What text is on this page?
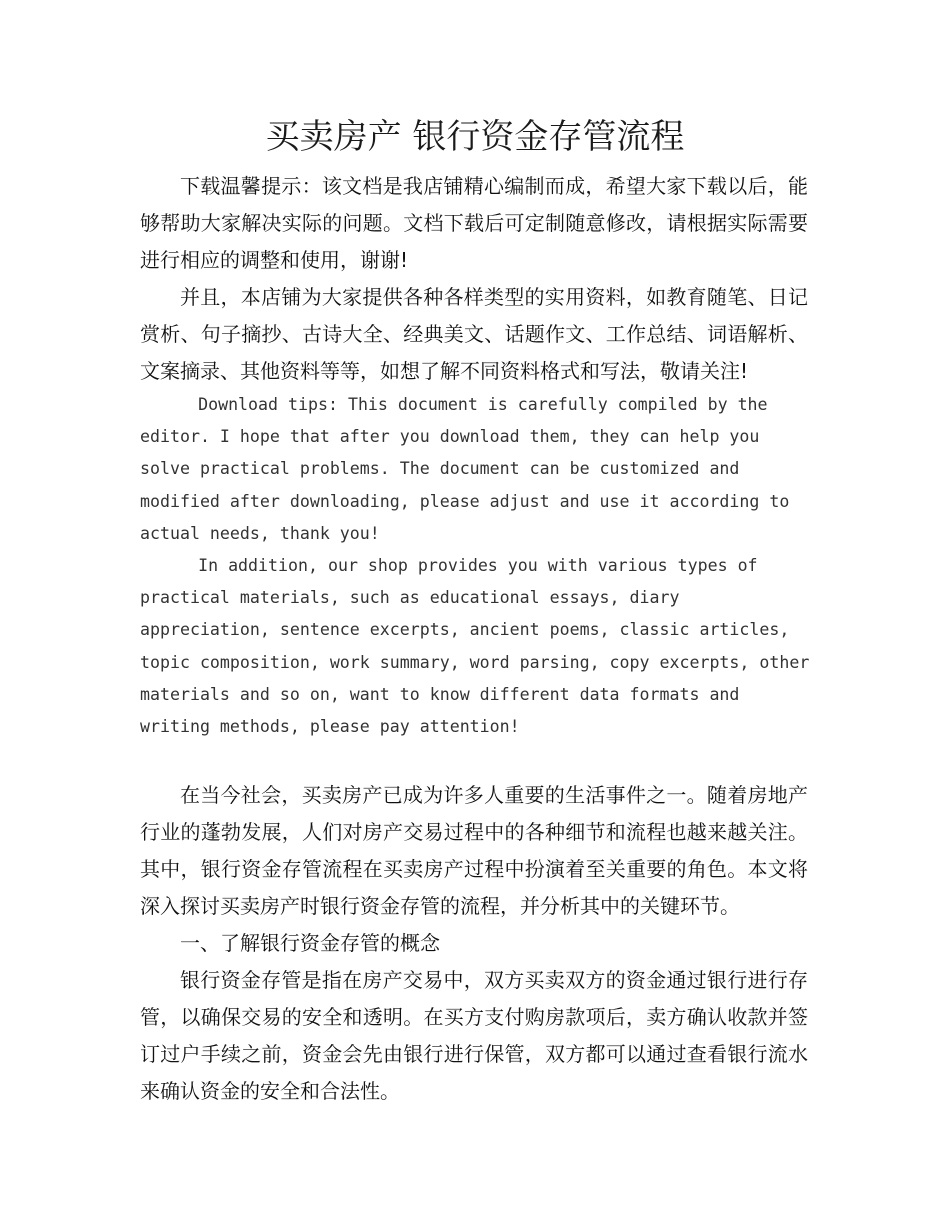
买卖房产 银行资金存管流程

下载温馨提示：该文档是我店铺精心编制而成，希望大家下载以后，能够帮助大家解决实际的问题。文档下载后可定制随意修改，请根据实际需要进行相应的调整和使用，谢谢!

并且，本店铺为大家提供各种各样类型的实用资料，如教育随笔、日记赏析、句子摘抄、古诗大全、经典美文、话题作文、工作总结、词语解析、文案摘录、其他资料等等，如想了解不同资料格式和写法，敬请关注!

Download tips: This document is carefully compiled by the editor. I hope that after you download them, they can help you solve practical problems. The document can be customized and modified after downloading, please adjust and use it according to actual needs, thank you!

In addition, our shop provides you with various types of practical materials, such as educational essays, diary appreciation, sentence excerpts, ancient poems, classic articles, topic composition, work summary, word parsing, copy excerpts, other materials and so on, want to know different data formats and writing methods, please pay attention!

在当今社会，买卖房产已成为许多人重要的生活事件之一。随着房地产行业的蓬勃发展，人们对房产交易过程中的各种细节和流程也越来越关注。其中，银行资金存管流程在买卖房产过程中扮演着至关重要的角色。本文将深入探讨买卖房产时银行资金存管的流程，并分析其中的关键环节。

一、了解银行资金存管的概念

银行资金存管是指在房产交易中，双方买卖双方的资金通过银行进行存管，以确保交易的安全和透明。在买方支付购房款项后，卖方确认收款并签订过户手续之前，资金会先由银行进行保管，双方都可以通过查看银行流水来确认资金的安全和合法性。
